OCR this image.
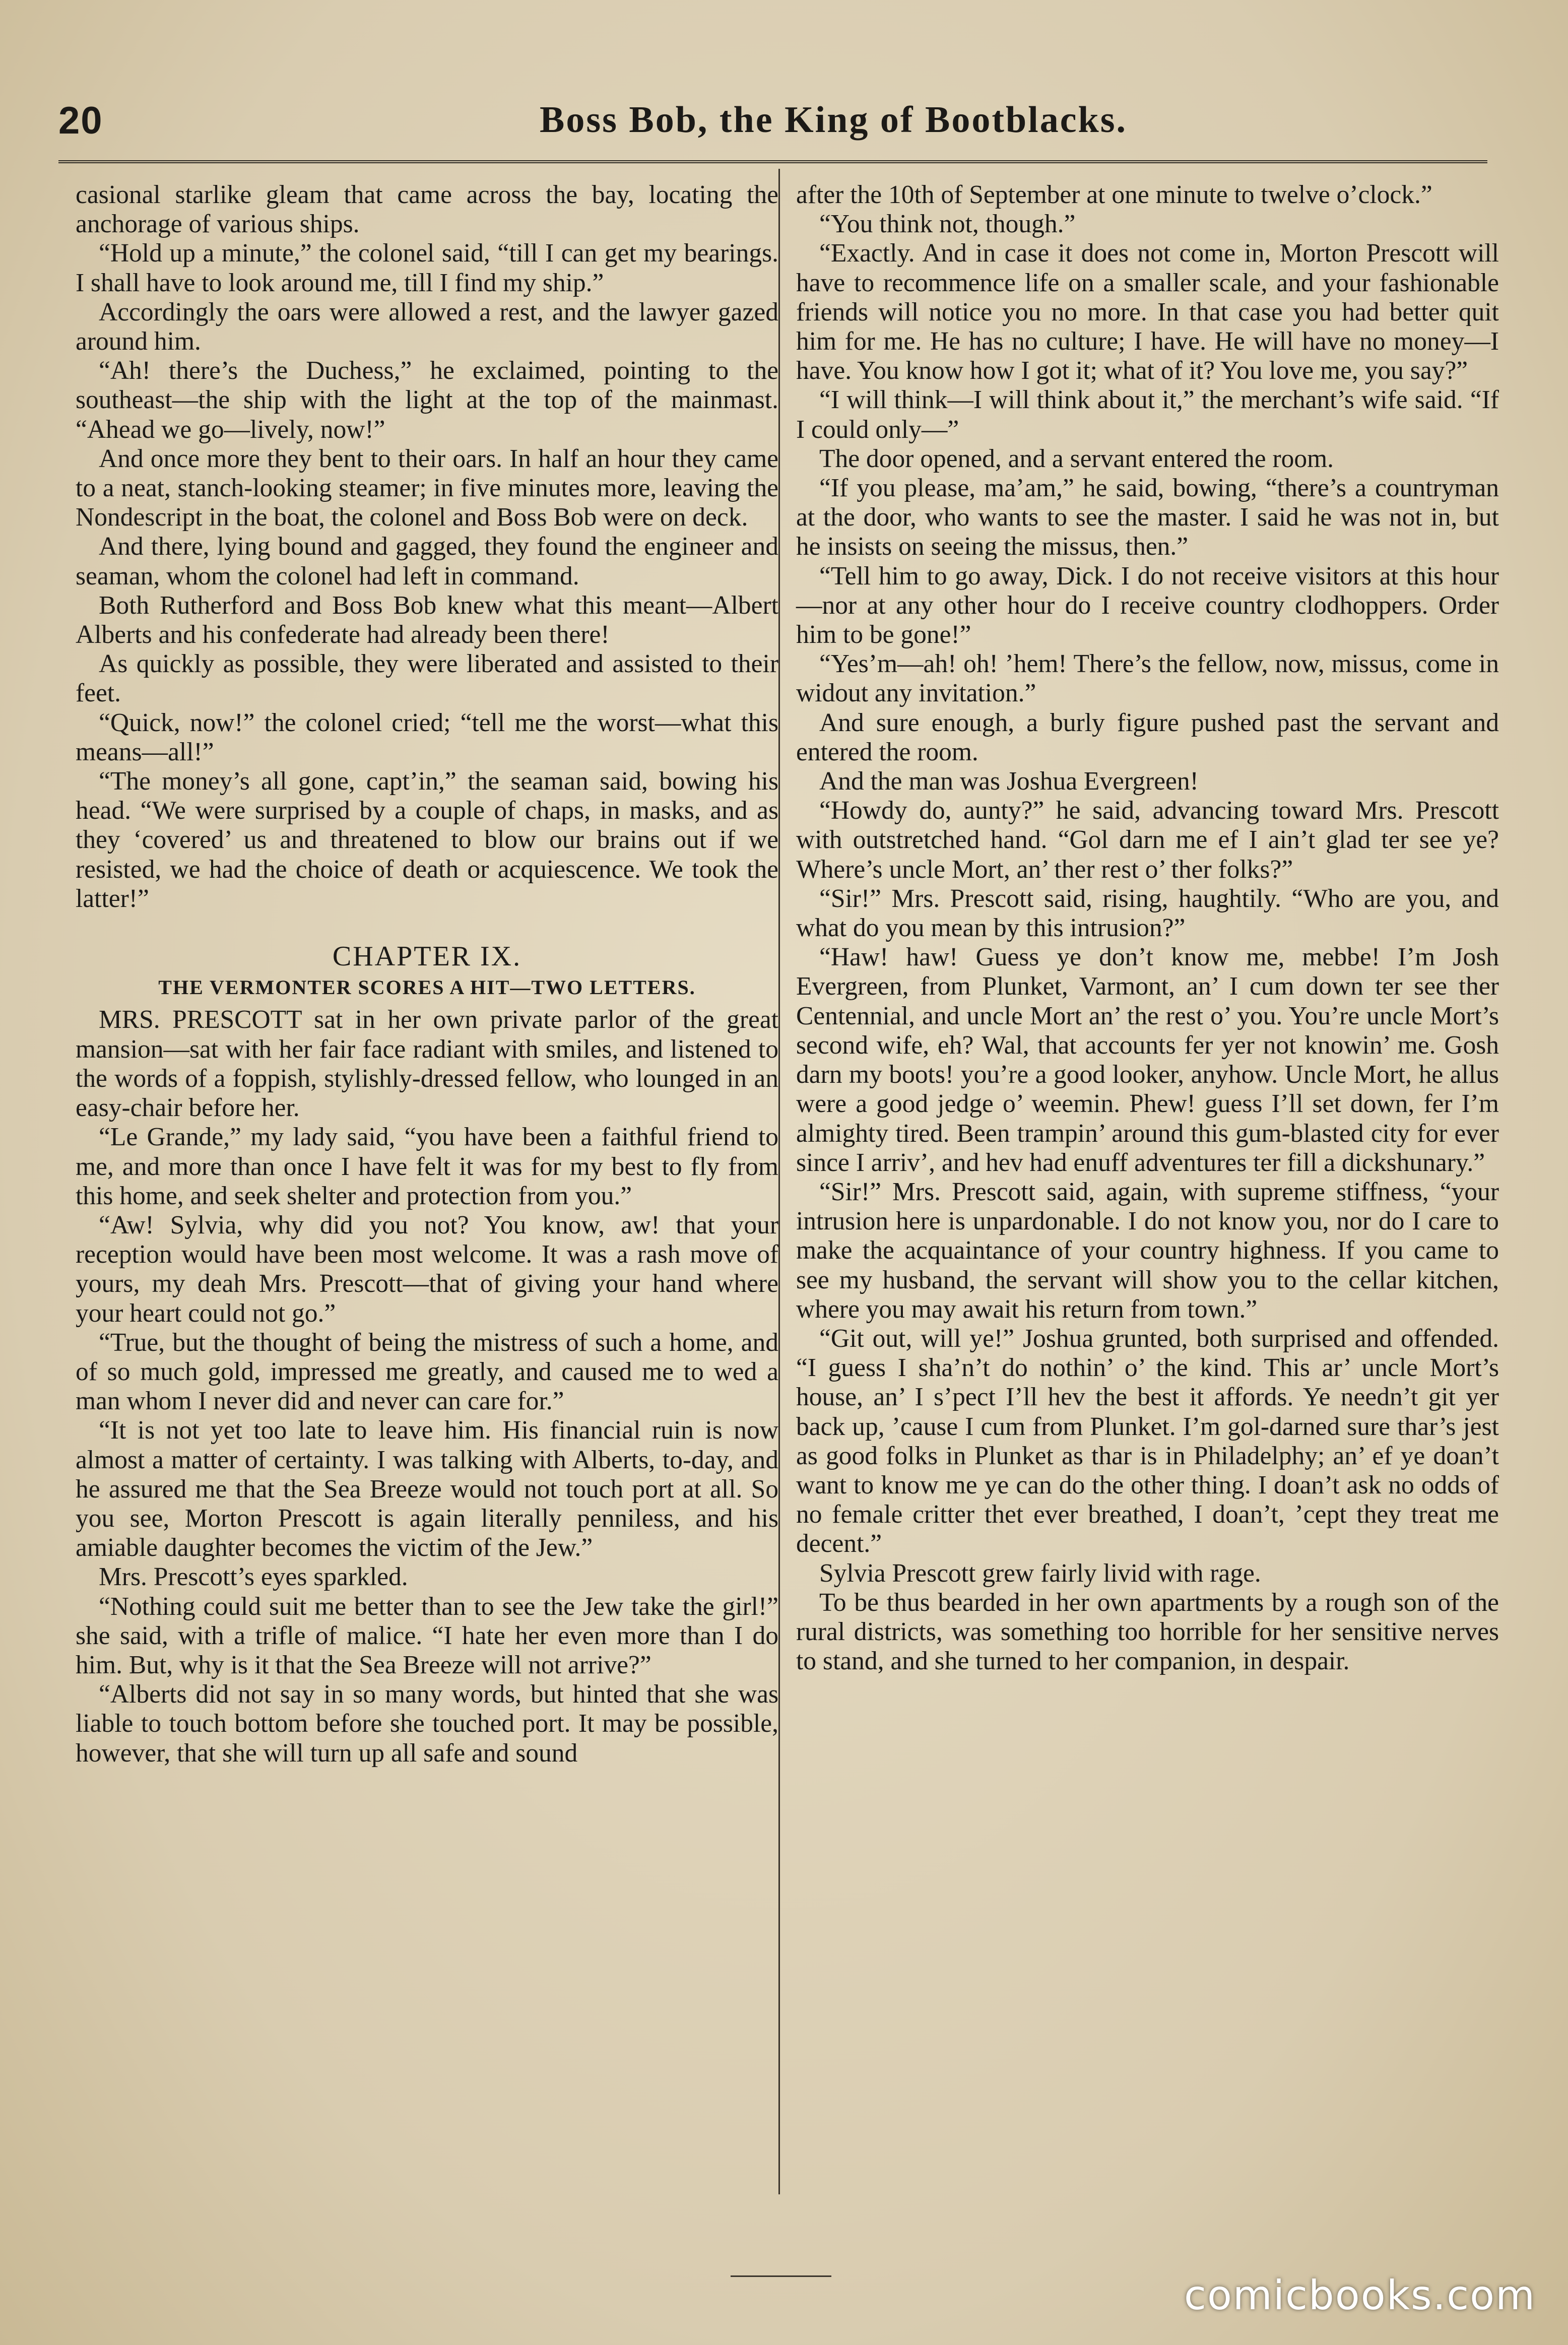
20	Boss Bob, the King of Bootblacks.

casional starlike gleam that came across the bay, locating the anchorage of various ships.

“Hold up a minute,” the colonel said, “till I can get my bearings. I shall have to look around me, till I find my ship.”

Accordingly the oars were allowed a rest, and the lawyer gazed around him.

“Ah! there’s the Duchess,” he exclaimed, pointing to the southeast—the ship with the light at the top of the mainmast. “Ahead we go—lively, now!”

And once more they bent to their oars. In half an hour they came to a neat, stanch-looking steamer; in five minutes more, leaving the Nondescript in the boat, the colonel and Boss Bob were on deck.

And there, lying bound and gagged, they found the engineer and seaman, whom the colonel had left in command.

Both Rutherford and Boss Bob knew what this meant—Albert Alberts and his confederate had already been there!

As quickly as possible, they were liberated and assisted to their feet.

“Quick, now!” the colonel cried; “tell me the worst—what this means—all!”

“The money’s all gone, capt’in,” the seaman said, bowing his head. “We were surprised by a couple of chaps, in masks, and as they ‘covered’ us and threatened to blow our brains out if we resisted, we had the choice of death or acquiescence. We took the latter!”

CHAPTER IX.
THE VERMONTER SCORES A HIT—TWO LETTERS.

MRS. PRESCOTT sat in her own private parlor of the great mansion—sat with her fair face radiant with smiles, and listened to the words of a foppish, stylishly-dressed fellow, who lounged in an easy-chair before her.

“Le Grande,” my lady said, “you have been a faithful friend to me, and more than once I have felt it was for my best to fly from this home, and seek shelter and protection from you.”

“Aw! Sylvia, why did you not? You know, aw! that your reception would have been most welcome. It was a rash move of yours, my deah Mrs. Prescott—that of giving your hand where your heart could not go.”

“True, but the thought of being the mistress of such a home, and of so much gold, impressed me greatly, and caused me to wed a man whom I never did and never can care for.”

“It is not yet too late to leave him. His financial ruin is now almost a matter of certainty. I was talking with Alberts, to-day, and he assured me that the Sea Breeze would not touch port at all. So you see, Morton Prescott is again literally penniless, and his amiable daughter becomes the victim of the Jew.”

Mrs. Prescott’s eyes sparkled.

“Nothing could suit me better than to see the Jew take the girl!” she said, with a trifle of malice. “I hate her even more than I do him. But, why is it that the Sea Breeze will not arrive?”

“Alberts did not say in so many words, but hinted that she was liable to touch bottom before she touched port. It may be possible, however, that she will turn up all safe and sound

after the 10th of September at one minute to twelve o’clock.”

“You think not, though.”

“Exactly. And in case it does not come in, Morton Prescott will have to recommence life on a smaller scale, and your fashionable friends will notice you no more. In that case you had better quit him for me. He has no culture; I have. He will have no money—I have. You know how I got it; what of it? You love me, you say?”

“I will think—I will think about it,” the merchant’s wife said. “If I could only—”

The door opened, and a servant entered the room.

“If you please, ma’am,” he said, bowing, “there’s a countryman at the door, who wants to see the master. I said he was not in, but he insists on seeing the missus, then.”

“Tell him to go away, Dick. I do not receive visitors at this hour—nor at any other hour do I receive country clodhoppers. Order him to be gone!”

“Yes’m—ah! oh! ’hem! There’s the fellow, now, missus, come in widout any invitation.”

And sure enough, a burly figure pushed past the servant and entered the room.

And the man was Joshua Evergreen!

“Howdy do, aunty?” he said, advancing toward Mrs. Prescott with outstretched hand. “Gol darn me ef I ain’t glad ter see ye? Where’s uncle Mort, an’ ther rest o’ ther folks?”

“Sir!” Mrs. Prescott said, rising, haughtily. “Who are you, and what do you mean by this intrusion?”

“Haw! haw! Guess ye don’t know me, mebbe! I’m Josh Evergreen, from Plunket, Varmont, an’ I cum down ter see ther Centennial, and uncle Mort an’ the rest o’ you. You’re uncle Mort’s second wife, eh? Wal, that accounts fer yer not knowin’ me. Gosh darn my boots! you’re a good looker, anyhow. Uncle Mort, he allus were a good jedge o’ weemin. Phew! guess I’ll set down, fer I’m almighty tired. Been trampin’ around this gum-blasted city for ever since I arriv’, and hev had enuff adventures ter fill a dickshunary.”

“Sir!” Mrs. Prescott said, again, with supreme stiffness, “your intrusion here is unpardonable. I do not know you, nor do I care to make the acquaintance of your country highness. If you came to see my husband, the servant will show you to the cellar kitchen, where you may await his return from town.”

“Git out, will ye!” Joshua grunted, both surprised and offended. “I guess I sha’n’t do nothin’ o’ the kind. This ar’ uncle Mort’s house, an’ I s’pect I’ll hev the best it affords. Ye needn’t git yer back up, ’cause I cum from Plunket. I’m gol-darned sure thar’s jest as good folks in Plunket as thar is in Philadelphy; an’ ef ye doan’t want to know me ye can do the other thing. I doan’t ask no odds of no female critter thet ever breathed, I doan’t, ’cept they treat me decent.”

Sylvia Prescott grew fairly livid with rage.

To be thus bearded in her own apartments by a rough son of the rural districts, was something too horrible for her sensitive nerves to stand, and she turned to her companion, in despair.

comicbooks.com
